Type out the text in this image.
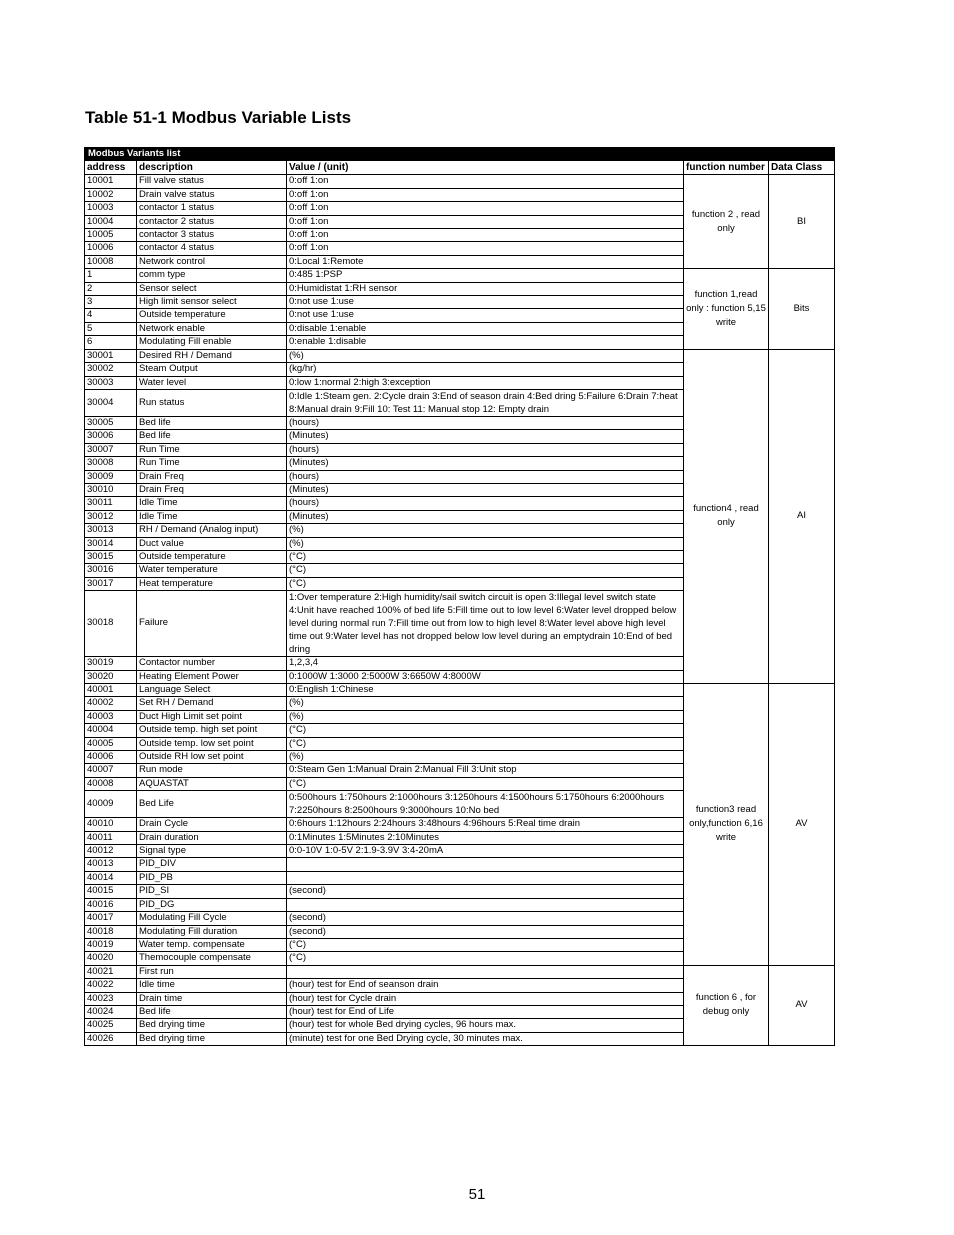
Table 51-1 Modbus Variable Lists
Modbus Variants list				
address	description	Value / (unit)	function number	Data Class
10001	Fill valve status	0:off 1:on	function 2 , read only	BI
10002	Drain valve status	0:off 1:on		
10003	contactor 1 status	0:off 1:on		
10004	contactor 2 status	0:off 1:on		
10005	contactor 3 status	0:off 1:on		
10006	contactor 4 status	0:off 1:on		
10008	Network control	0:Local 1:Remote		
1	comm type	0:485 1:PSP	function 1,read only : function 5,15 write	Bits
2	Sensor select	0:Humidistat 1:RH sensor		
3	High limit sensor select	0:not use 1:use		
4	Outside temperature	0:not use 1:use		
5	Network enable	0:disable 1:enable		
6	Modulating Fill enable	0:enable 1:disable		
30001	Desired RH / Demand	(%)	function4 , read only	AI
30002	Steam Output	(kg/hr)		
30003	Water level	0:low 1:normal 2:high 3:exception		
30004	Run status	0:Idle 1:Steam gen. 2:Cycle drain 3:End of season drain 4:Bed dring 5:Failure 6:Drain 7:heat 8:Manual drain 9:Fill 10: Test 11: Manual stop 12: Empty drain		
30005	Bed life	(hours)		
30006	Bed life	(Minutes)		
30007	Run Time	(hours)		
30008	Run Time	(Minutes)		
30009	Drain Freq	(hours)		
30010	Drain Freq	(Minutes)		
30011	Idle Time	(hours)		
30012	Idle Time	(Minutes)		
30013	RH / Demand (Analog input)	(%)		
30014	Duct value	(%)		
30015	Outside temperature	(°C)		
30016	Water temperature	(°C)		
30017	Heat temperature	(°C)		
30018	Failure	1:Over temperature 2:High humidity/sail switch circuit is open 3:Illegal level switch state 4:Unit have reached 100% of bed life 5:Fill time out to low level 6:Water level dropped below level during normal run 7:Fill time out from low to high level 8:Water level above high level time out 9:Water level has not dropped below low level during an emptydrain 10:End of bed dring		
30019	Contactor number	1,2,3,4		
30020	Heating Element Power	0:1000W 1:3000 2:5000W 3:6650W 4:8000W		
40001	Language Select	0:English 1:Chinese	function3 read only,function 6,16 write	AV
40002	Set RH / Demand	(%)		
40003	Duct High Limit set point	(%)		
40004	Outside temp. high set point	(°C)		
40005	Outside temp. low set point	(°C)		
40006	Outside RH low set point	(%)		
40007	Run mode	0:Steam Gen 1:Manual Drain 2:Manual Fill 3:Unit stop		
40008	AQUASTAT	(°C)		
40009	Bed Life	0:500hours 1:750hours 2:1000hours 3:1250hours 4:1500hours 5:1750hours 6:2000hours 7:2250hours 8:2500hours 9:3000hours 10:No bed		
40010	Drain Cycle	0:6hours 1:12hours 2:24hours 3:48hours 4:96hours 5:Real time drain		
40011	Drain duration	0:1Minutes 1:5Minutes 2:10Minutes		
40012	Signal type	0:0-10V 1:0-5V 2:1.9-3.9V 3:4-20mA		
40013	PID_DIV			
40014	PID_PB			
40015	PID_SI	(second)		
40016	PID_DG			
40017	Modulating Fill Cycle	(second)		
40018	Modulating Fill duration	(second)		
40019	Water temp. compensate	(°C)		
40020	Themocouple compensate	(°C)		
40021	First run		function 6 , for debug only	AV
40022	Idle time	(hour) test for End of seanson drain		
40023	Drain time	(hour) test for Cycle drain		
40024	Bed life	(hour) test for End of Life		
40025	Bed drying time	(hour) test for whole Bed drying cycles, 96 hours max.		
40026	Bed drying time	(minute) test for one Bed Drying cycle, 30 minutes max.		
51
